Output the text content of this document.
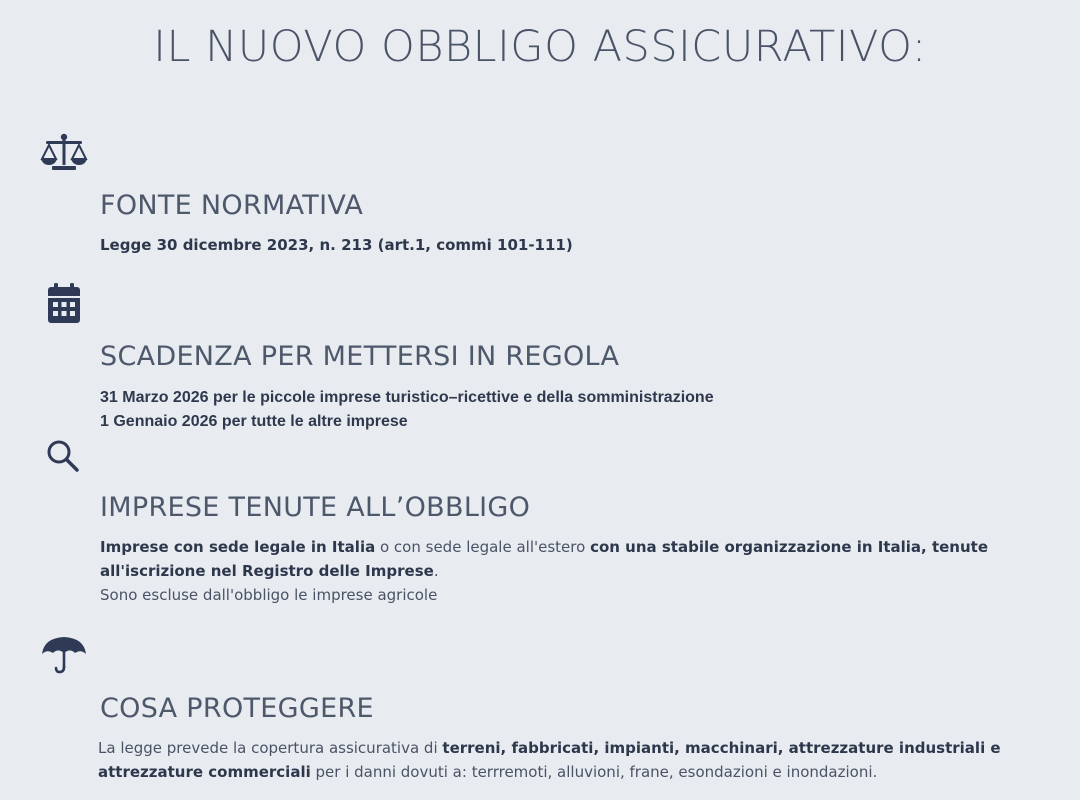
IL NUOVO OBBLIGO ASSICURATIVO:
FONTE NORMATIVA
Legge 30 dicembre 2023, n. 213 (art.1, commi 101-111)
SCADENZA PER METTERSI IN REGOLA
31 Marzo 2026 per le piccole imprese turistico–ricettive e della somministrazione
1 Gennaio 2026 per tutte le altre imprese
IMPRESE TENUTE ALL’OBBLIGO
Imprese con sede legale in Italia o con sede legale all'estero con una stabile organizzazione in Italia, tenute
all'iscrizione nel Registro delle Imprese.
Sono escluse dall'obbligo le imprese agricole
COSA PROTEGGERE
La legge prevede la copertura assicurativa di terreni, fabbricati, impianti, macchinari, attrezzature industriali e
attrezzature commerciali per i danni dovuti a: terrremoti, alluvioni, frane, esondazioni e inondazioni.
